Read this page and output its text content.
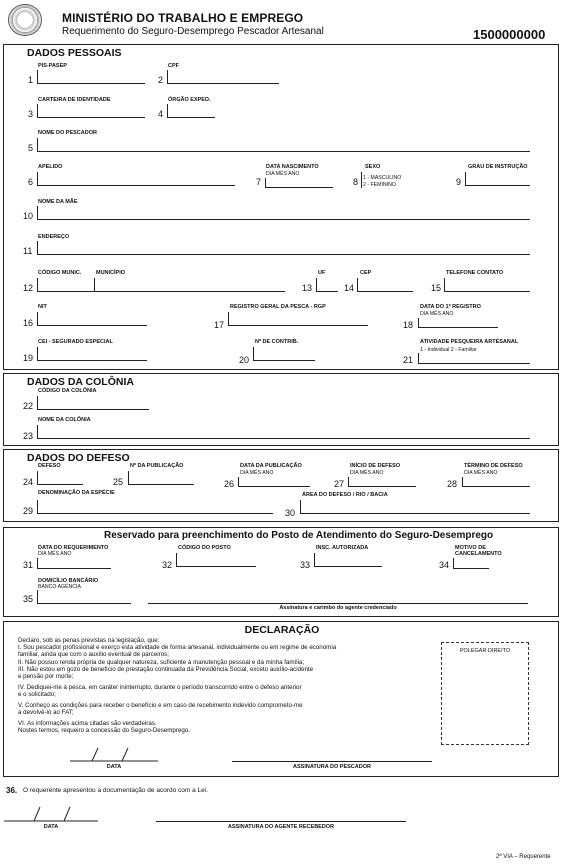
MINISTÉRIO DO TRABALHO E EMPREGO
Requerimento do Seguro-Desemprego Pescador Artesanal	1500000000
DADOS PESSOAIS
PIS-PASEP
1
CPF
2
CARTEIRA DE IDENTIDADE
3
ÓRGÃO EXPED.
4
NOME DO PESCADOR
5
APELIDO
6
DATA NASCIMENTO
DIA MÊS ANO
7
SEXO
1 - MASCULINO
2 - FEMININO
8
GRAU DE INSTRUÇÃO
9
NOME DA MÃE
10
ENDEREÇO
11
CÓDIGO MUNIC.	MUNICÍPIO
12
UF
13
CEP
14
TELEFONE CONTATO
15
NIT
16
REGISTRO GERAL DA PESCA - RGP
17
DATA DO 1º REGISTRO
DIA MÊS ANO
18
CEI - SEGURADO ESPECIAL
19
Nº DE CONTRIB.
20
ATIVIDADE PESQUEIRA ARTESANAL
1 - Individual 2 - Familiar
21
DADOS DA COLÔNIA
CÓDIGO DA COLÔNIA
22
NOME DA COLÔNIA
23
DADOS DO DEFESO
DEFESO
24
Nº DA PUBLICAÇÃO
25
DATA DA PUBLICAÇÃO
DIA MÊS ANO
26
INÍCIO DE DEFESO
DIA MÊS ANO
27
TÉRMINO DE DEFESO
DIA MÊS ANO
28
DENOMINAÇÃO DA ESPÉCIE
29
ÁREA DO DEFESO / RIO / BACIA
30
Reservado para preenchimento do Posto de Atendimento do Seguro-Desemprego
DATA DO REQUERIMENTO
DIA MÊS ANO
31
CÓDIGO DO POSTO
32
INSC. AUTORIZADA
33
MOTIVO DE
CANCELAMENTO
34
DOMICÍLIO BANCÁRIO
BANCO AGÊNCIA
35
Assinatura e carimbo do agente credenciado
DECLARAÇÃO
POLEGAR DIREITO
Declaro, sob as penas previstas na legislação, que:
I. Sou pescador profissional e exerço esta atividade de forma artesanal, individualmente ou em regime de economia
familiar, ainda que com o auxílio eventual de parceiros;
II. Não possuo renda própria de qualquer natureza, suficiente à manutenção pessoal e da minha família;
III. Não estou em gozo de benefício de prestação continuada da Previdência Social, exceto auxílio-acidente
e pensão por morte;
IV. Dediquei-me à pesca, em caráter ininterrupto, durante o período transcorrido entre o defeso anterior
e o solicitado;
V. Conheço as condições para receber o benefício e em caso de recebimento indevido comprometo-me
a devolvê-lo ao FAT;
VI. As informações acima citadas são verdadeiras.
Nostes termos, requeiro a concessão do Seguro-Desemprego.
DATA	ASSINATURA DO PESCADOR
36. O requerente apresentou a documentação de acordo com a Lei.
DATA	ASSINATURA DO AGENTE RECEBEDOR
2ª VIA – Requerente
